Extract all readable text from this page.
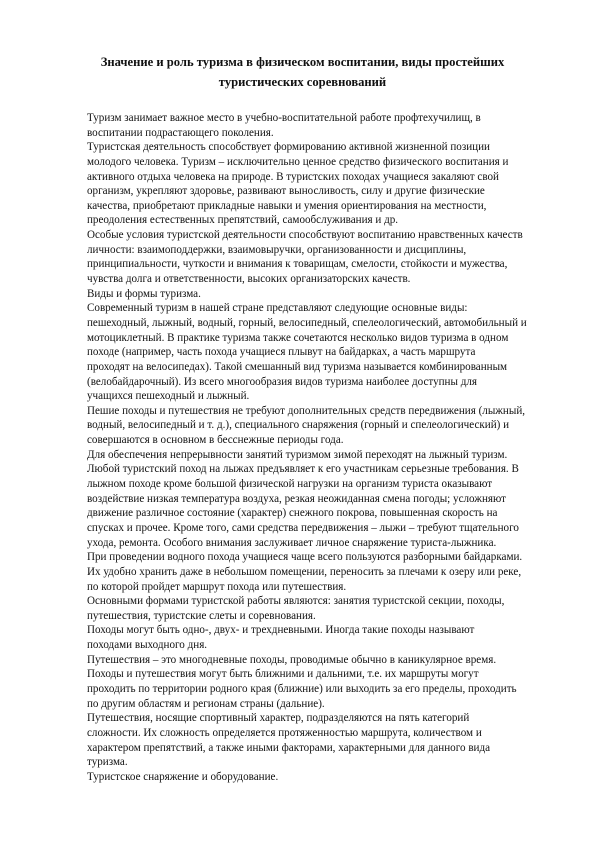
Значение и роль туризма в физическом воспитании, виды простейших
туристических соревнований
Туризм занимает важное место в учебно-воспитательной работе профтехучилищ, в
воспитании подрастающего поколения.
Туристская деятельность способствует формированию активной жизненной позиции
молодого человека. Туризм – исключительно ценное средство физического воспитания и
активного отдыха человека на природе. В туристских походах учащиеся закаляют свой
организм, укрепляют здоровье, развивают выносливость, силу и другие физические
качества, приобретают прикладные навыки и умения ориентирования на местности,
преодоления естественных препятствий, самообслуживания и др.
Особые условия туристской деятельности способствуют воспитанию нравственных качеств
личности: взаимоподдержки, взаимовыручки, организованности и дисциплины,
принципиальности, чуткости и внимания к товарищам, смелости, стойкости и мужества,
чувства долга и ответственности, высоких организаторских качеств.
Виды и формы туризма.
Современный туризм в нашей стране представляют следующие основные виды:
пешеходный, лыжный, водный, горный, велосипедный, спелеологический, автомобильный и
мотоциклетный. В практике туризма также сочетаются несколько видов туризма в одном
походе (например, часть похода учащиеся плывут на байдарках, а часть маршрута
проходят на велосипедах). Такой смешанный вид туризма называется комбинированным
(велобайдарочный). Из всего многообразия видов туризма наиболее доступны для
учащихся пешеходный и лыжный.
Пешие походы и путешествия не требуют дополнительных средств передвижения (лыжный,
водный, велосипедный и т. д.), специального снаряжения (горный и спелеологический) и
совершаются в основном в бесснежные периоды года.
Для обеспечения непрерывности занятий туризмом зимой переходят на лыжный туризм.
Любой туристский поход на лыжах предъявляет к его участникам серьезные требования. В
лыжном походе кроме большой физической нагрузки на организм туриста оказывают
воздействие низкая температура воздуха, резкая неожиданная смена погоды; усложняют
движение различное состояние (характер) снежного покрова, повышенная скорость на
спусках и прочее. Кроме того, сами средства передвижения – лыжи – требуют тщательного
ухода, ремонта. Особого внимания заслуживает личное снаряжение туриста-лыжника.
При проведении водного похода учащиеся чаще всего пользуются разборными байдарками.
Их удобно хранить даже в небольшом помещении, переносить за плечами к озеру или реке,
по которой пройдет маршрут похода или путешествия.
Основными формами туристской работы являются: занятия туристской секции, походы,
путешествия, туристские слеты и соревнования.
Походы могут быть одно-, двух- и трехдневными. Иногда такие походы называют
походами выходного дня.
Путешествия – это многодневные походы, проводимые обычно в каникулярное время.
Походы и путешествия могут быть ближними и дальними, т.е. их маршруты могут
проходить по территории родного края (ближние) или выходить за его пределы, проходить
по другим областям и регионам страны (дальние).
Путешествия, носящие спортивный характер, подразделяются на пять категорий
сложности. Их сложность определяется протяженностью маршрута, количеством и
характером препятствий, а также иными факторами, характерными для данного вида
туризма.
Туристское снаряжение и оборудование.
